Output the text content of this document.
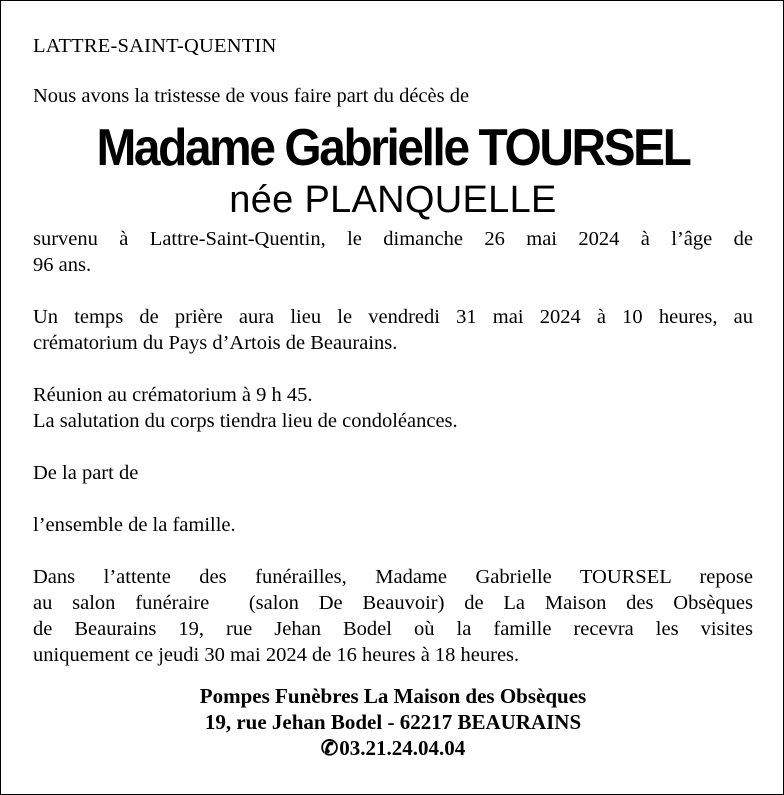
LATTRE-SAINT-QUENTIN
Nous avons la tristesse de vous faire part du décès de
Madame Gabrielle TOURSEL
née PLANQUELLE
survenu à Lattre-Saint-Quentin, le dimanche 26 mai 2024 à l’âge de
96 ans.
Un temps de prière aura lieu le vendredi 31 mai 2024 à 10 heures, au
crématorium du Pays d’Artois de Beaurains.
Réunion au crématorium à 9 h 45.
La salutation du corps tiendra lieu de condoléances.
De la part de
l’ensemble de la famille.
Dans l’attente des funérailles, Madame Gabrielle TOURSEL repose
au salon funéraire  (salon De Beauvoir) de La Maison des Obsèques
de Beaurains 19, rue Jehan Bodel où la famille recevra les visites
uniquement ce jeudi 30 mai 2024 de 16 heures à 18 heures.
Pompes Funèbres La Maison des Obsèques
19, rue Jehan Bodel - 62217 BEAURAINS
✆03.21.24.04.04
